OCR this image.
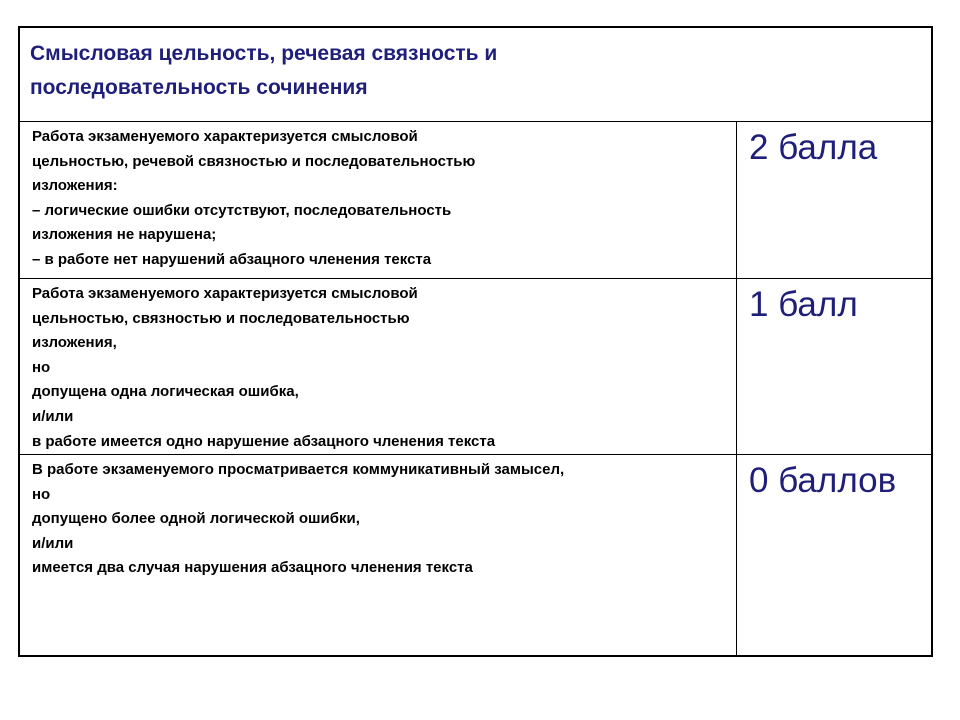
Смысловая цельность, речевая связность и
последовательность сочинения
Работа экзаменуемого характеризуется смысловой
цельностью, речевой связностью и последовательностью
изложения:
– логические ошибки отсутствуют, последовательность
изложения не нарушена;
– в работе нет нарушений абзацного членения текста
2 балла
Работа экзаменуемого характеризуется смысловой
цельностью, связностью и последовательностью
изложения,
но
допущена одна логическая ошибка,
и/или
в работе имеется одно нарушение абзацного членения текста
1 балл
В работе экзаменуемого просматривается коммуникативный замысел,
но
допущено более одной логической ошибки,
и/или
имеется два случая нарушения абзацного членения текста
0 баллов
